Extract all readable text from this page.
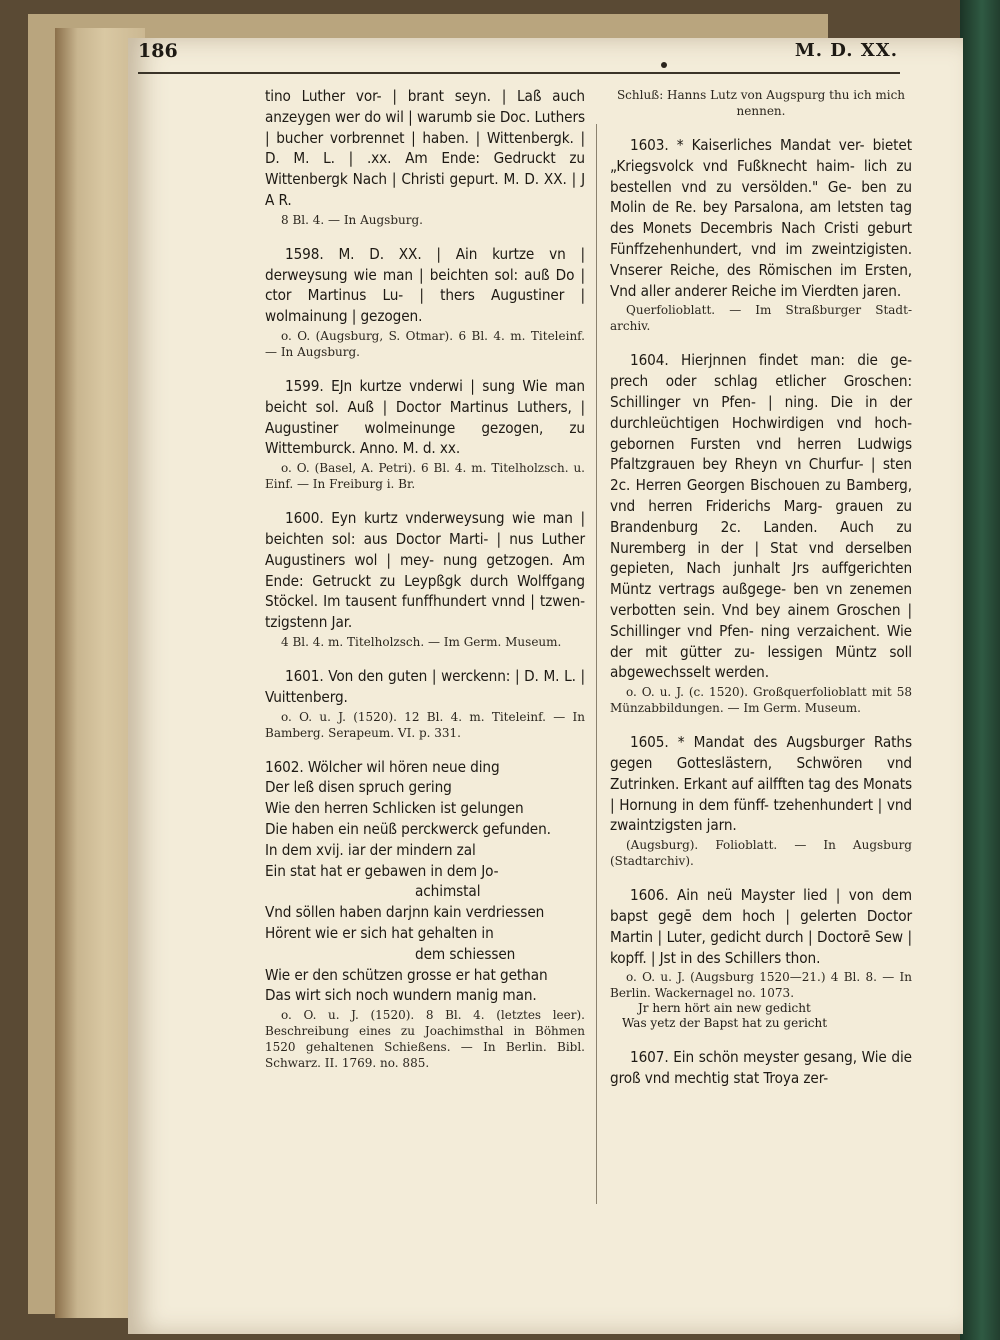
186	M. D. XX.

tino Luther vor- | brant seyn. | Laß auch anzeygen wer do wil | warumb sie Doc. Luthers | bucher vorbrennet | haben. | Wittenbergk. | D. M. L. | .xx. Am Ende: Gedruckt zu Wittenbergk Nach | Christi gepurt. M. D. XX. | J A R.

8 Bl. 4. — In Augsburg.

1598. M. D. XX. | Ain kurtze vn | derweysung wie man | beichten sol: auß Do | ctor Martinus Lu- | thers Augustiner | wolmainung | gezogen.

o. O. (Augsburg, S. Otmar). 6 Bl. 4. m. Titeleinf. — In Augsburg.

1599. EJn kurtze vnderwi | sung Wie man beicht sol. Auß | Doctor Martinus Luthers, | Augustiner wolmeinunge gezogen, zu Wittemburck. Anno. M. d. xx.

o. O. (Basel, A. Petri). 6 Bl. 4. m. Titelholzsch. u. Einf. — In Freiburg i. Br.

1600. Eyn kurtz vnderweysung wie man | beichten sol: aus Doctor Marti- | nus Luther Augustiners wol | mey- nung getzogen. Am Ende: Getruckt zu Leypßgk durch Wolffgang Stöckel. Im tausent funffhundert vnnd | tzwen- tzigstenn Jar.

4 Bl. 4. m. Titelholzsch. — Im Germ. Museum.

1601. Von den guten | werckenn: | D. M. L. | Vuittenberg.

o. O. u. J. (1520). 12 Bl. 4. m. Titeleinf. — In Bamberg. Serapeum. VI. p. 331.

1602. Wölcher wil hören neue ding
Der leß disen spruch gering
Wie den herren Schlicken ist gelungen
Die haben ein neüß perckwerck gefunden.
In dem xvij. iar der mindern zal
Ein stat hat er gebawen in dem Jo-
achimstal
Vnd söllen haben darjnn kain verdriessen
Hörent wie er sich hat gehalten in
dem schiessen
Wie er den schützen grosse er hat gethan
Das wirt sich noch wundern manig man.

o. O. u. J. (1520). 8 Bl. 4. (letztes leer). Beschreibung eines zu Joachimsthal in Böhmen 1520 gehaltenen Schießens. — In Berlin. Bibl. Schwarz. II. 1769. no. 885.

Schluß: Hanns Lutz von Augspurg thu ich mich nennen.

1603. * Kaiserliches Mandat ver- bietet „Kriegsvolck vnd Fußknecht haim- lich zu bestellen vnd zu versölden." Ge- ben zu Molin de Re. bey Parsalona, am letsten tag des Monets Decembris Nach Cristi geburt Fünffzehenhundert, vnd im zweintzigisten. Vnserer Reiche, des Römischen im Ersten, Vnd aller anderer Reiche im Vierdten jaren.

Querfolioblatt. — Im Straßburger Stadt- archiv.

1604. Hierjnnen findet man: die ge- prech oder schlag etlicher Groschen: Schillinger vn Pfen- | ning. Die in der durchleüchtigen Hochwirdigen vnd hoch- gebornen Fursten vnd herren Ludwigs Pfaltzgrauen bey Rheyn vn Churfur- | sten 2c. Herren Georgen Bischouen zu Bamberg, vnd herren Friderichs Marg- grauen zu Brandenburg 2c. Landen. Auch zu Nuremberg in der | Stat vnd derselben gepieten, Nach junhalt Jrs auffgerichten Müntz vertrags außgege- ben vn zenemen verbotten sein. Vnd bey ainem Groschen | Schillinger vnd Pfen- ning verzaichent. Wie der mit gütter zu- lessigen Müntz soll abgewechsselt werden.

o. O. u. J. (c. 1520). Großquerfolioblatt mit 58 Münzabbildungen. — Im Germ. Museum.

1605. * Mandat des Augsburger Raths gegen Gotteslästern, Schwören vnd Zutrinken. Erkant auf ailfften tag des Monats | Hornung in dem fünff- tzehenhundert | vnd zwaintzigsten jarn.

(Augsburg). Folioblatt. — In Augsburg (Stadtarchiv).

1606. Ain neü Mayster lied | von dem bapst gegē dem hoch | gelerten Doctor Martin | Luter, gedicht durch | Doctorē Sew | kopff. | Jst in des Schillers thon.

o. O. u. J. (Augsburg 1520—21.) 4 Bl. 8. — In Berlin. Wackernagel no. 1073.

Jr hern hört ain new gedicht
Was yetz der Bapst hat zu gericht

1607. Ein schön meyster gesang, Wie die groß vnd mechtig stat Troya zer-
